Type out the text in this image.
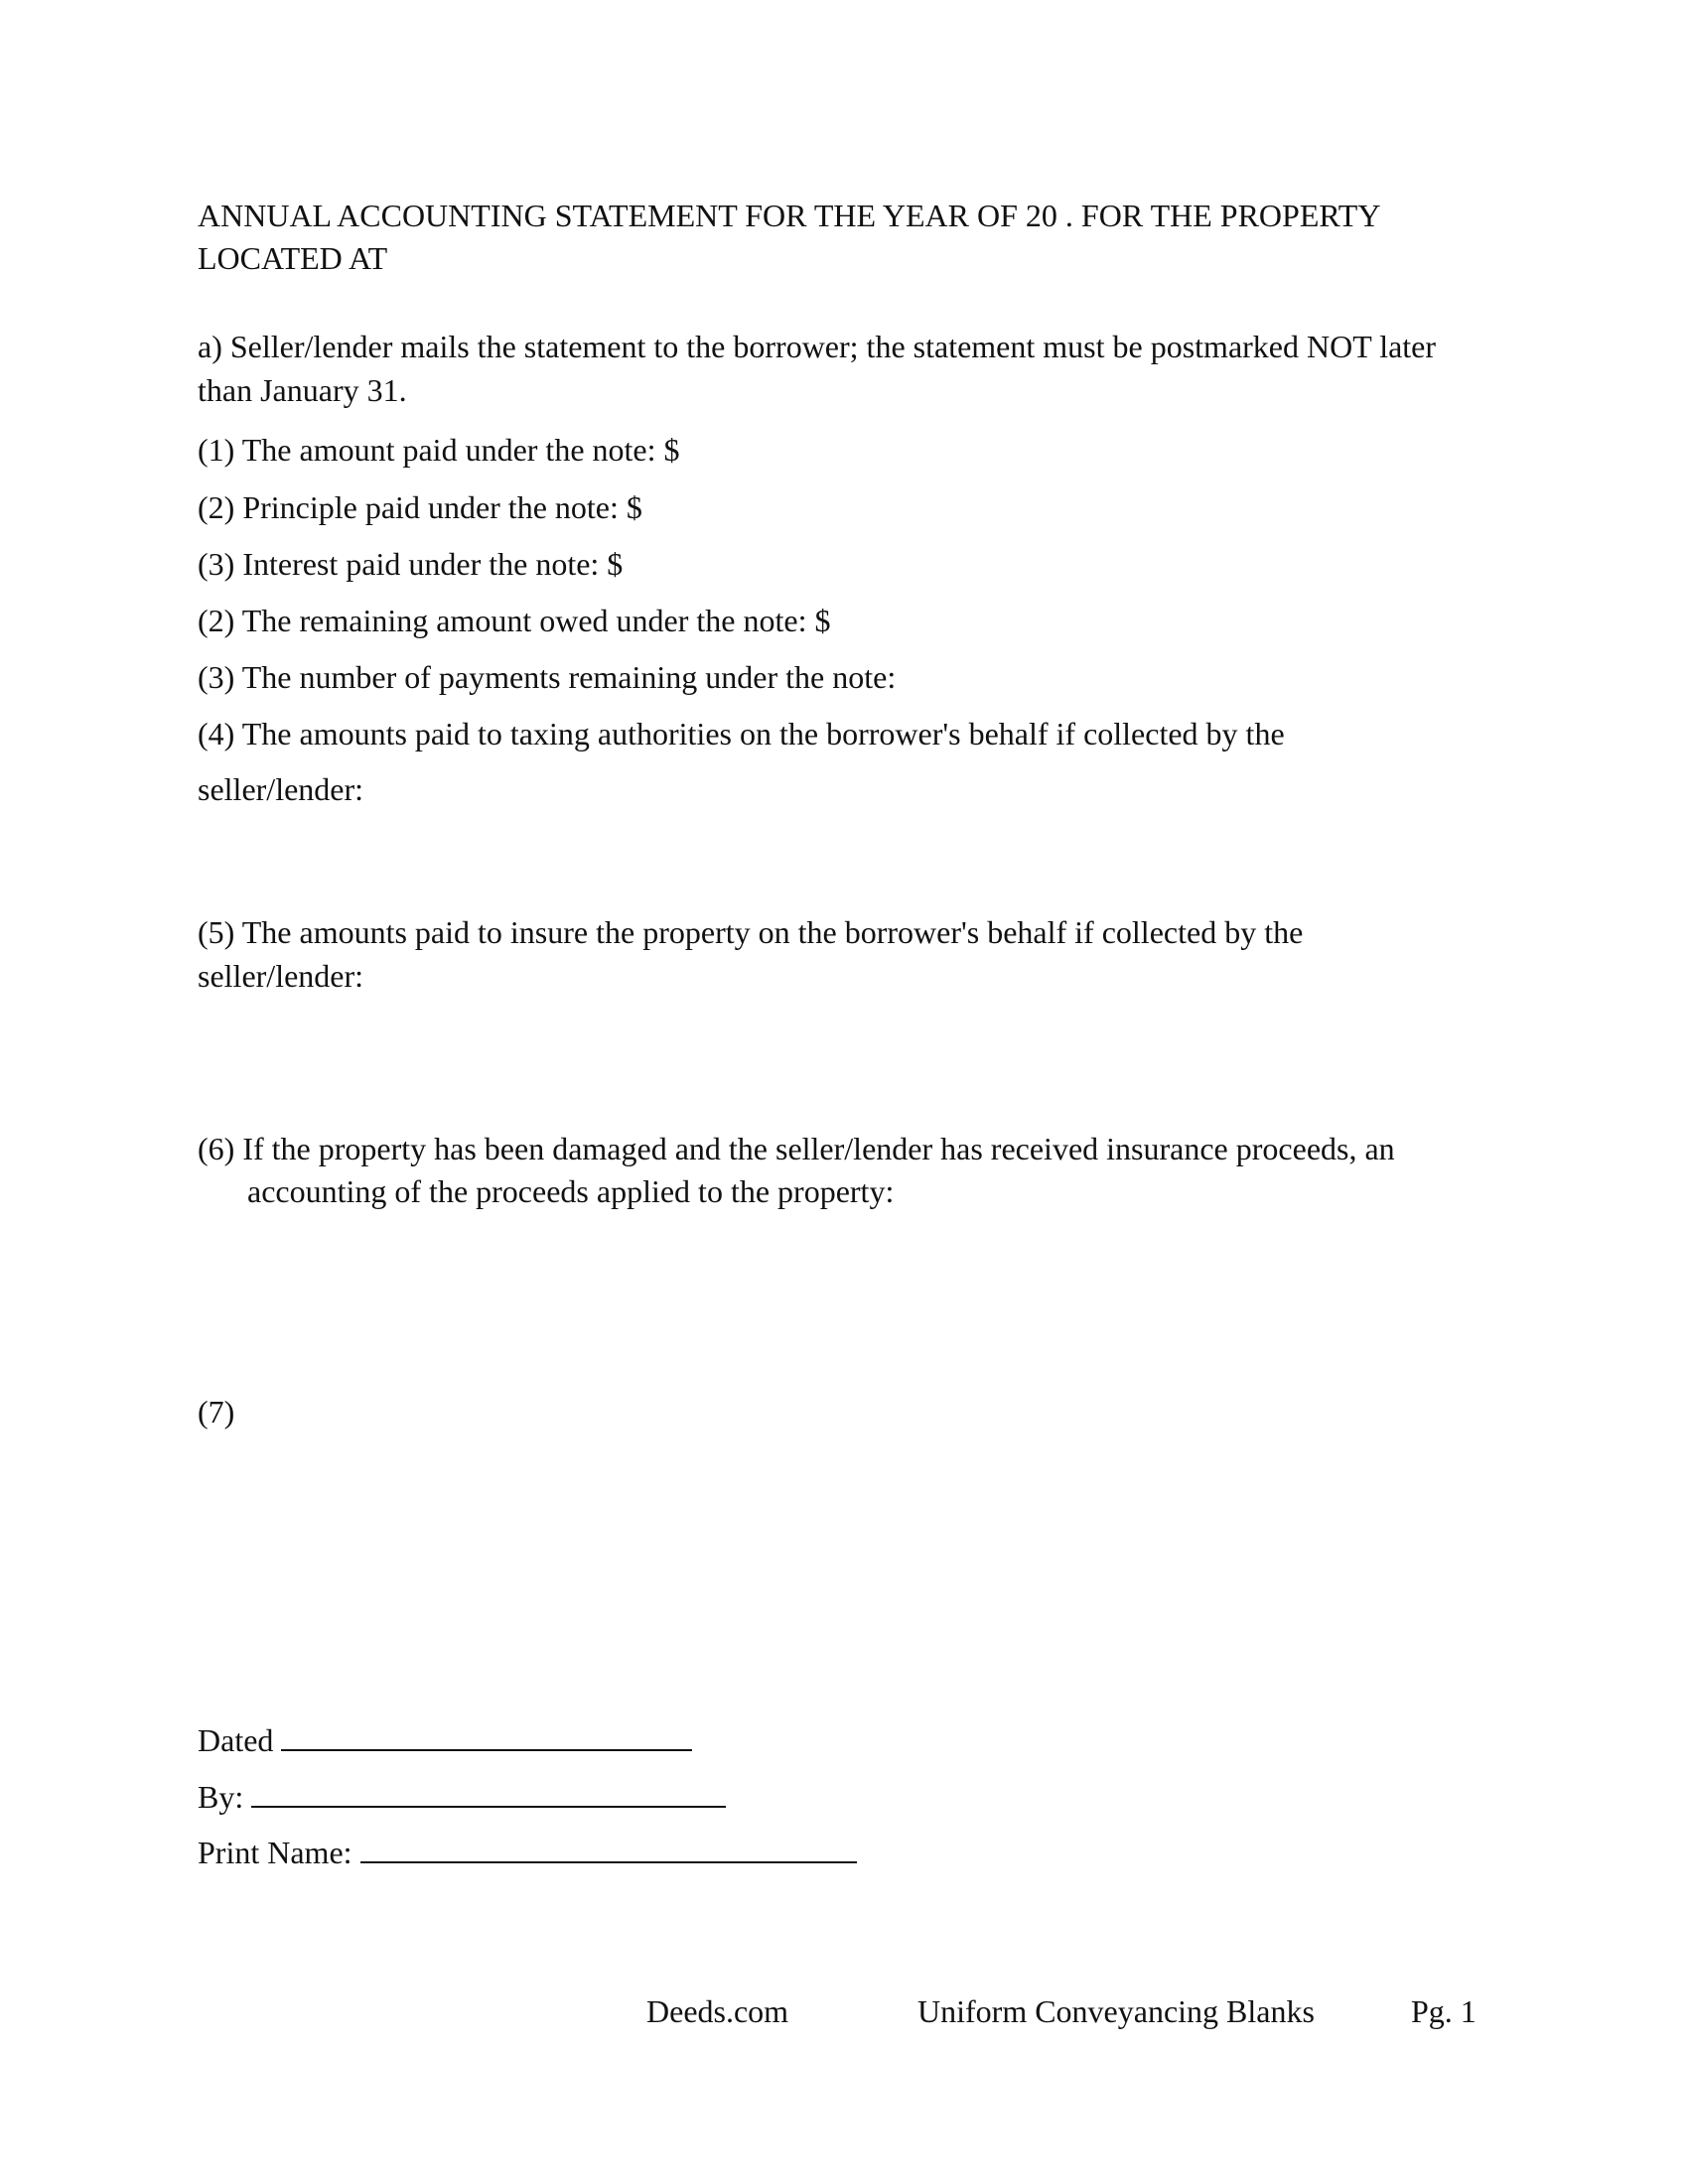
ANNUAL ACCOUNTING STATEMENT FOR THE YEAR OF 20 . FOR THE PROPERTY
LOCATED AT
a) Seller/lender mails the statement to the borrower; the statement must be postmarked NOT later
than January 31.
(1) The amount paid under the note: $
(2) Principle paid under the note: $
(3) Interest paid under the note: $
(2) The remaining amount owed under the note: $
(3) The number of payments remaining under the note:
(4) The amounts paid to taxing authorities on the borrower's behalf if collected by the
seller/lender:
(5) The amounts paid to insure the property on the borrower's behalf if collected by the
seller/lender:
(6) If the property has been damaged and the seller/lender has received insurance proceeds, an
accounting of the proceeds applied to the property:
(7)
Dated
By:
Print Name:
Deeds.com	Uniform Conveyancing Blanks	Pg. 1
